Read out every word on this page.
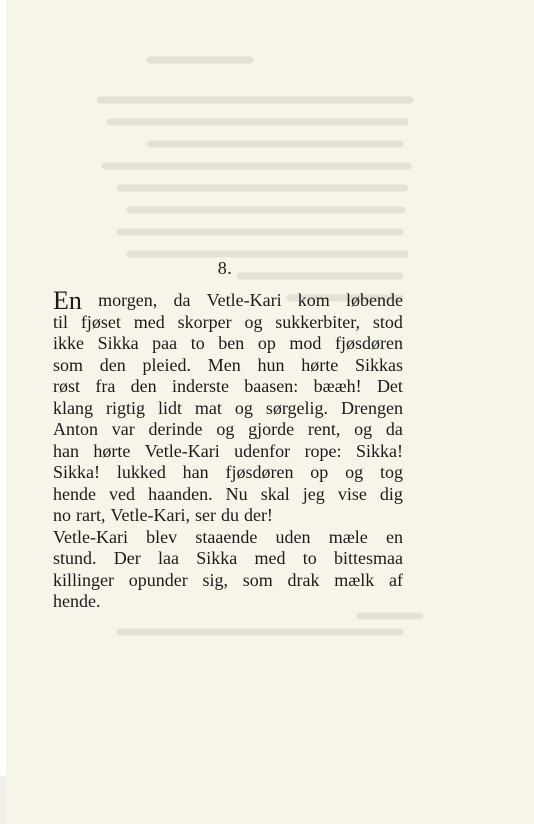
8.
En morgen, da Vetle-Kari kom løbende
til fjøset med skorper og sukkerbiter, stod
ikke Sikka paa to ben op mod fjøsdøren
som den pleied. Men hun hørte Sikkas
røst fra den inderste baasen: bææh! Det
klang rigtig lidt mat og sørgelig. Drengen
Anton var derinde og gjorde rent, og da
han hørte Vetle-Kari udenfor rope: Sikka!
Sikka! lukked han fjøsdøren op og tog
hende ved haanden. Nu skal jeg vise dig
no rart, Vetle-Kari, ser du der!
Vetle-Kari blev staaende uden mæle en
stund. Der laa Sikka med to bittesmaa
killinger opunder sig, som drak mælk af
hende.
